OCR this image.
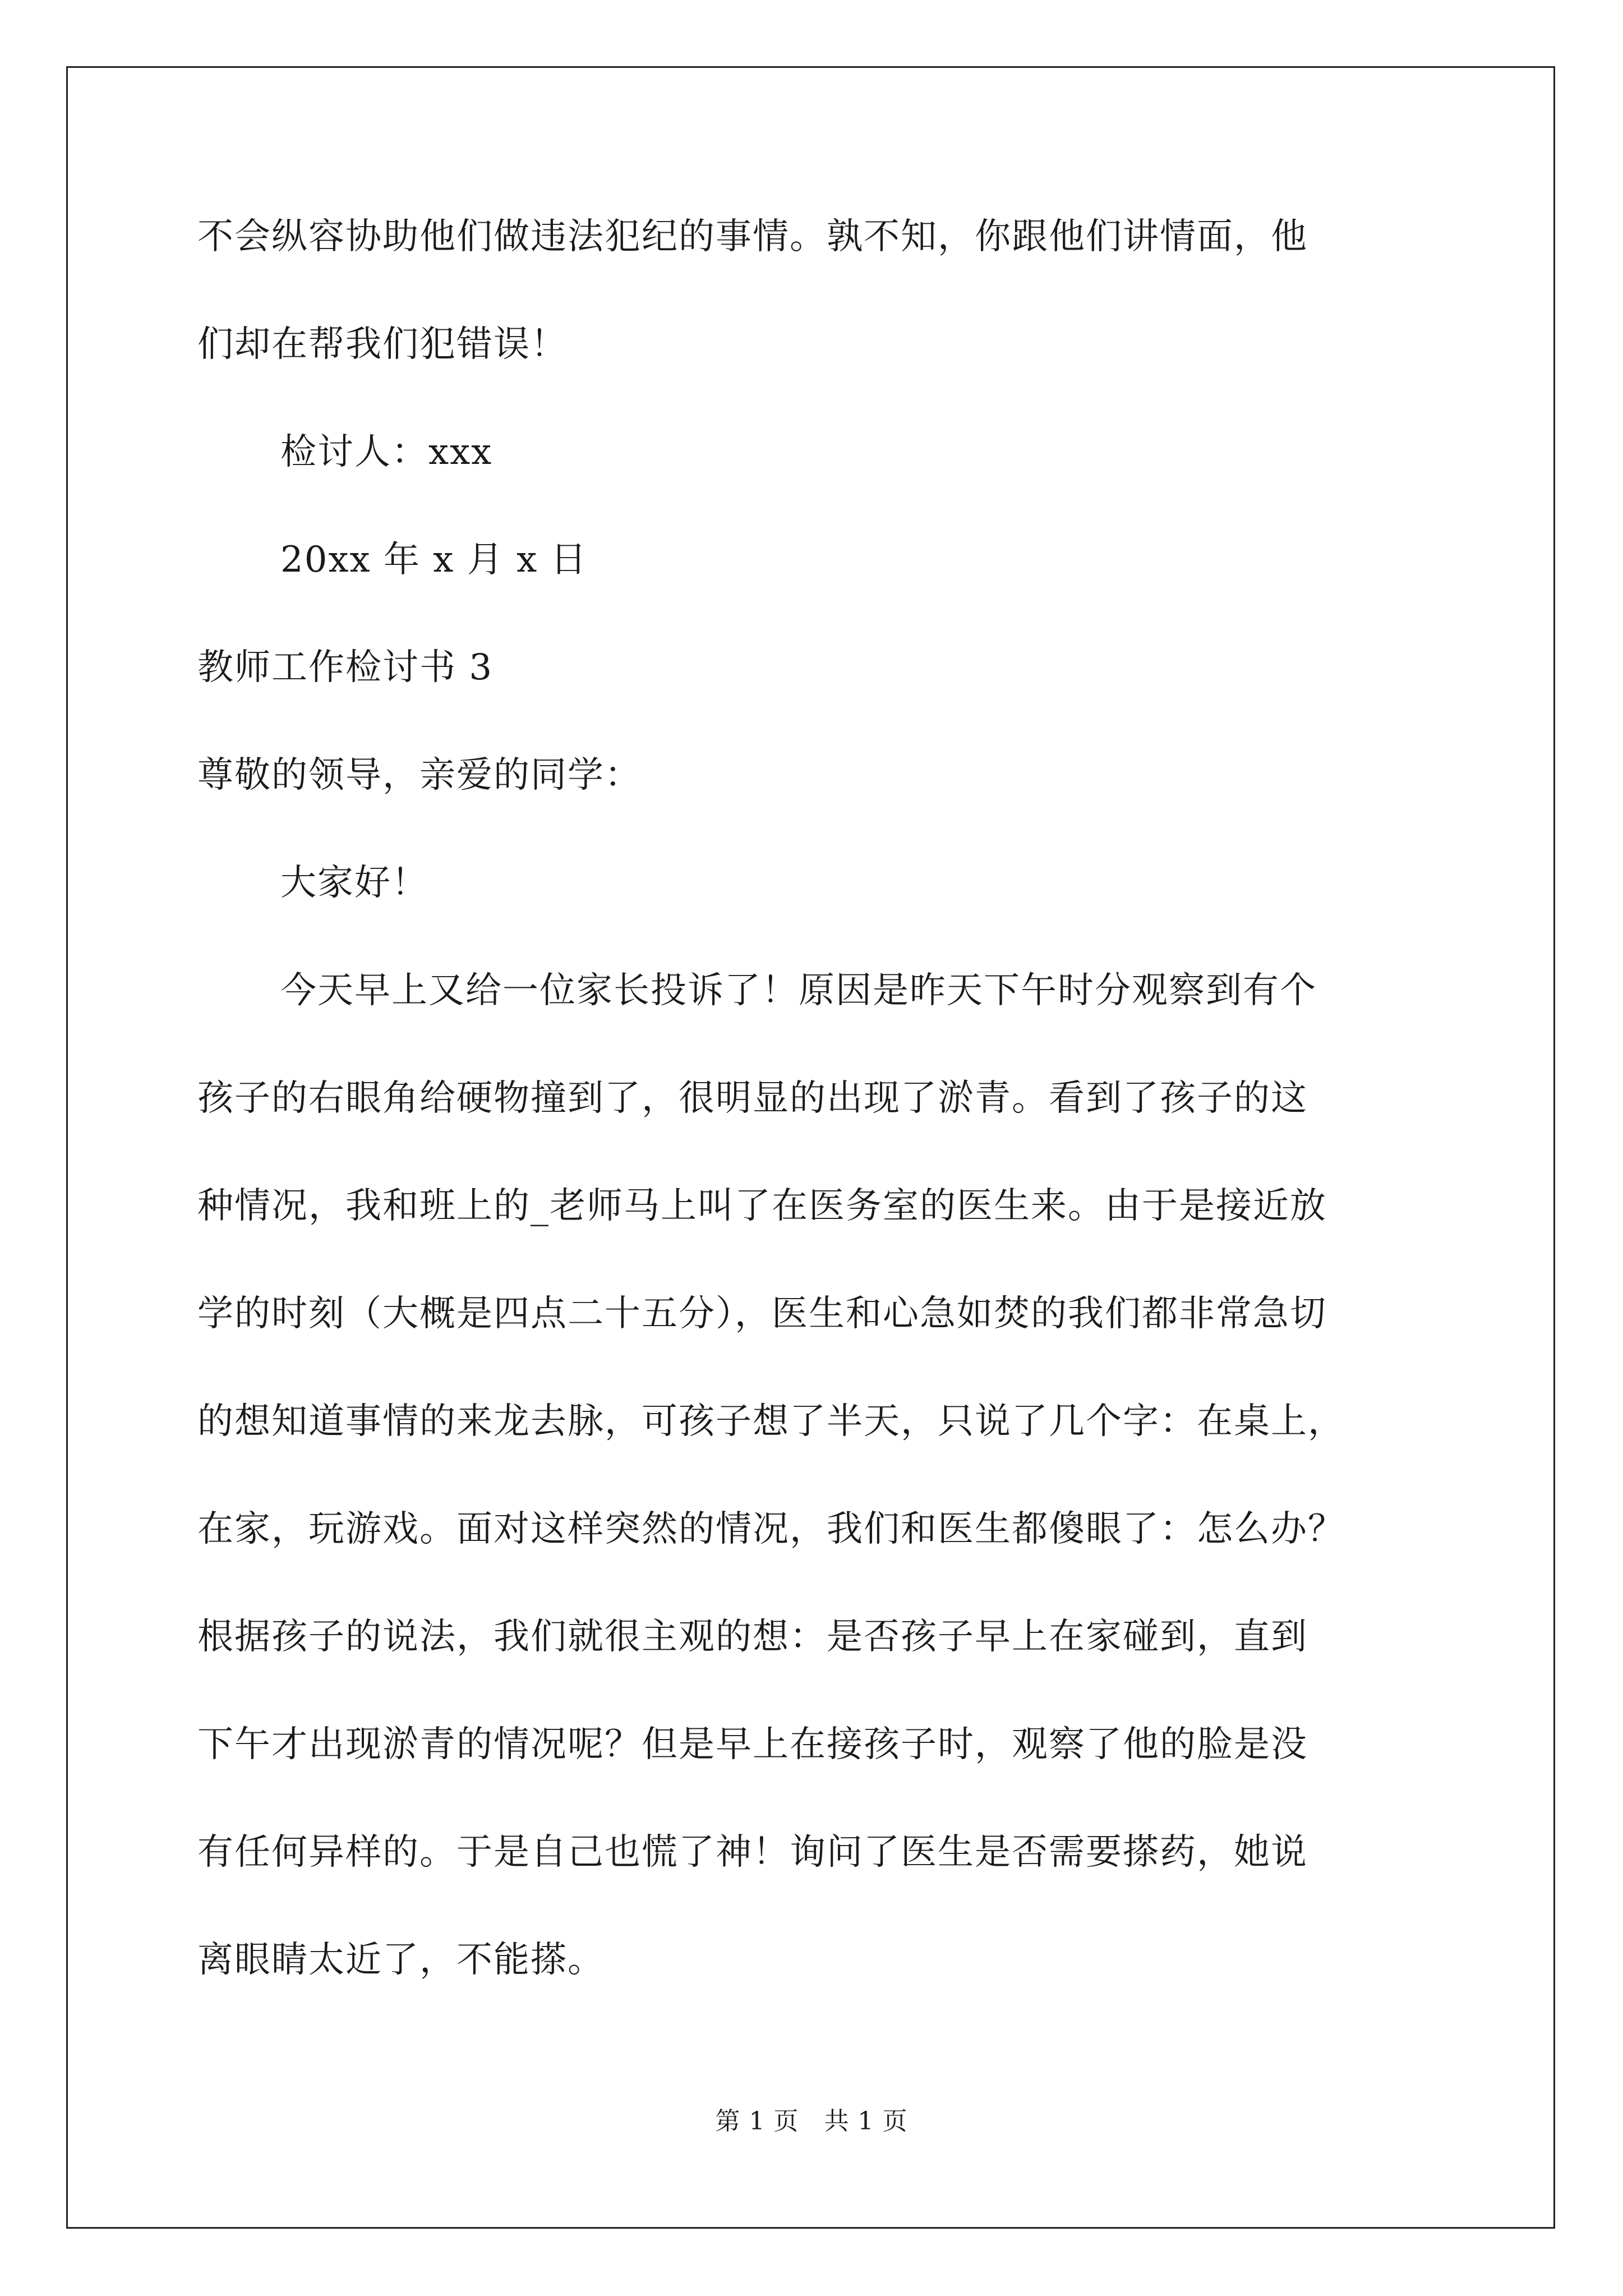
不会纵容协助他们做违法犯纪的事情。孰不知，你跟他们讲情面，他
们却在帮我们犯错误！
检讨人：xxx
20xx 年 x 月 x 日
教师工作检讨书 3
尊敬的领导，亲爱的同学：
大家好！
今天早上又给一位家长投诉了！原因是昨天下午时分观察到有个
孩子的右眼角给硬物撞到了，很明显的出现了淤青。看到了孩子的这
种情况，我和班上的_老师马上叫了在医务室的医生来。由于是接近放
学的时刻（大概是四点二十五分），医生和心急如焚的我们都非常急切
的想知道事情的来龙去脉，可孩子想了半天，只说了几个字：在桌上，
在家，玩游戏。面对这样突然的情况，我们和医生都傻眼了：怎么办？
根据孩子的说法，我们就很主观的想：是否孩子早上在家碰到，直到
下午才出现淤青的情况呢？但是早上在接孩子时，观察了他的脸是没
有任何异样的。于是自己也慌了神！询问了医生是否需要搽药，她说
离眼睛太近了，不能搽。
第 1 页　共 1 页
